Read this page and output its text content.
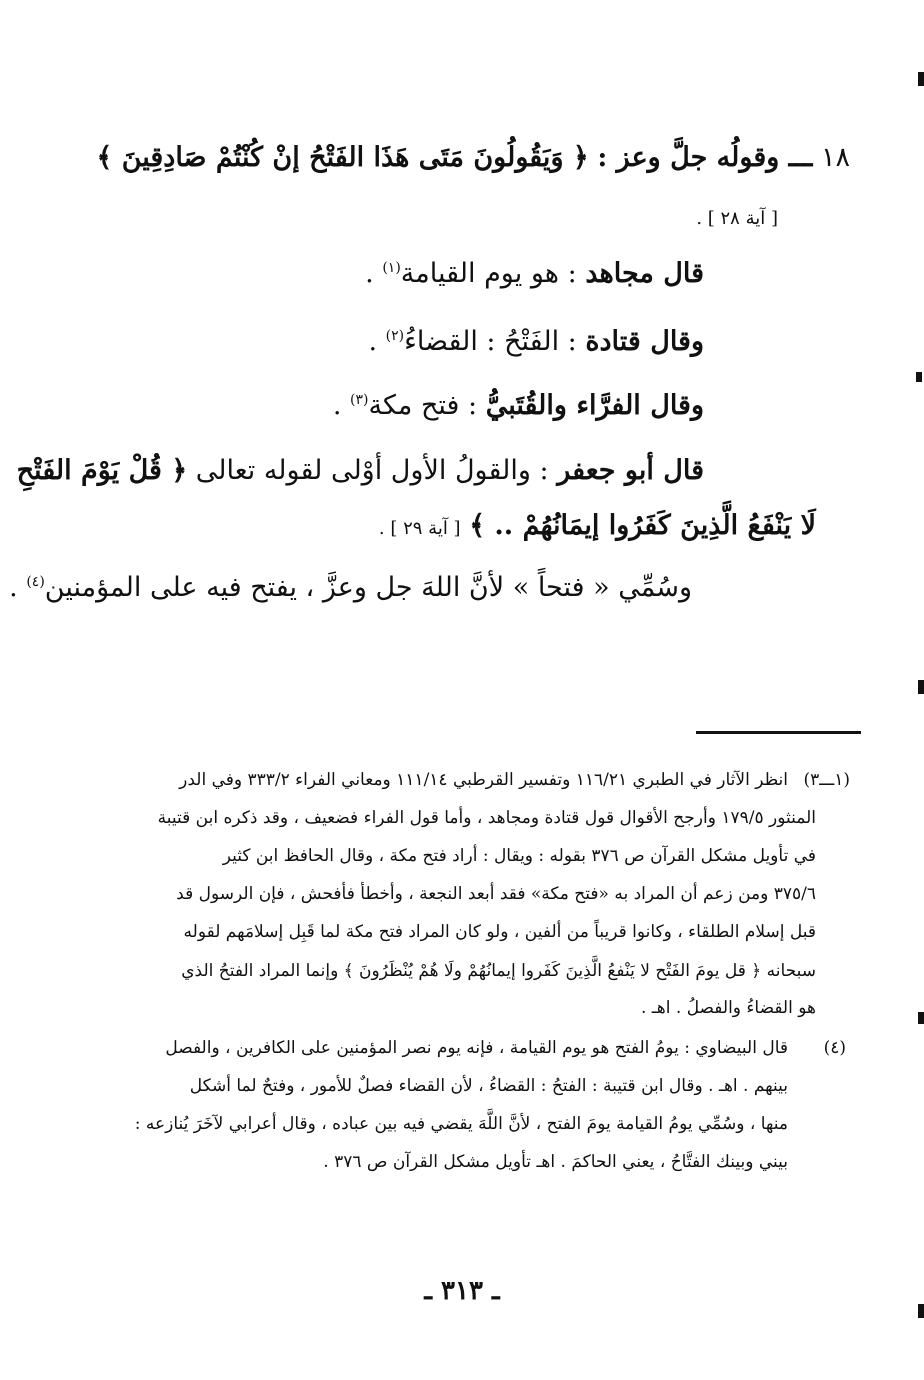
١٨ ـــ وقولُه جلَّ وعز : ﴿ وَيَقُولُونَ مَتَى هَذَا الفَتْحُ إنْ كُنْتُمْ صَادِقِينَ ﴾
[ آية ٢٨ ] .
قال مجاهد : هو يوم القيامة$^{(١)}$ .
وقال قتادة : الفَتْحُ : القضاءُ$^{(٢)}$ .
وقال الفرَّاء والقُتَبيُّ : فتح مكة$^{(٣)}$ .
قال أبو جعفر : والقولُ الأول أوْلى لقوله تعالى ﴿ قُلْ يَوْمَ الفَتْحِ
لَا يَنْفَعُ الَّذِينَ كَفَرُوا إيمَانُهُمْ .. ﴾ [ آية ٢٩ ] .
وسُمِّي « فتحاً » لأنَّ اللهَ جل وعزَّ ، يفتح فيه على المؤمنين$^{(٤)}$ .
(١ـــ٣)
انظر الآثار في الطبري ١١٦/٢١ وتفسير القرطبي ١١١/١٤ ومعاني الفراء ٣٣٣/٢ وفي الدر
المنثور ١٧٩/٥ وأرجح الأقوال قول قتادة ومجاهد ، وأما قول الفراء فضعيف ، وقد ذكره ابن قتيبة
في تأويل مشكل القرآن ص ٣٧٦ بقوله : ويقال : أراد فتح مكة ، وقال الحافظ ابن كثير
٣٧٥/٦ ومن زعم أن المراد به «فتح مكة» فقد أبعد النجعة ، وأخطأ فأفحش ، فإن الرسول قد
قبل إسلام الطلقاء ، وكانوا قريباً من ألفين ، ولو كان المراد فتح مكة لما قَبِل إسلامَهم لقوله
سبحانه ﴿ قل يومَ الفَتْح لا يَنْفعُ الَّذِينَ كَفَروا إيمانُهُمْ ولَا هُمْ يُنْظَرُونَ ﴾ وإنما المراد الفتحُ الذي
هو القضاءُ والفصلُ . اهـ .
(٤)
قال البيضاوي : يومُ الفتح هو يوم القيامة ، فإنه يوم نصر المؤمنين على الكافرين ، والفصل
بينهم . اهـ . وقال ابن قتيبة : الفتحُ : القضاءُ ، لأن القضاء فصلٌ للأمور ، وفتحٌ لما أشكل
منها ، وسُمِّي يومُ القيامة يومَ الفتح ، لأنَّ اللَّهَ يقضي فيه بين عباده ، وقال أعرابي لآخَرَ يُنازعه :
بيني وبينك الفتَّاحُ ، يعني الحاكمَ . اهـ تأويل مشكل القرآن ص ٣٧٦ .
ـ ٣١٣ ـ
